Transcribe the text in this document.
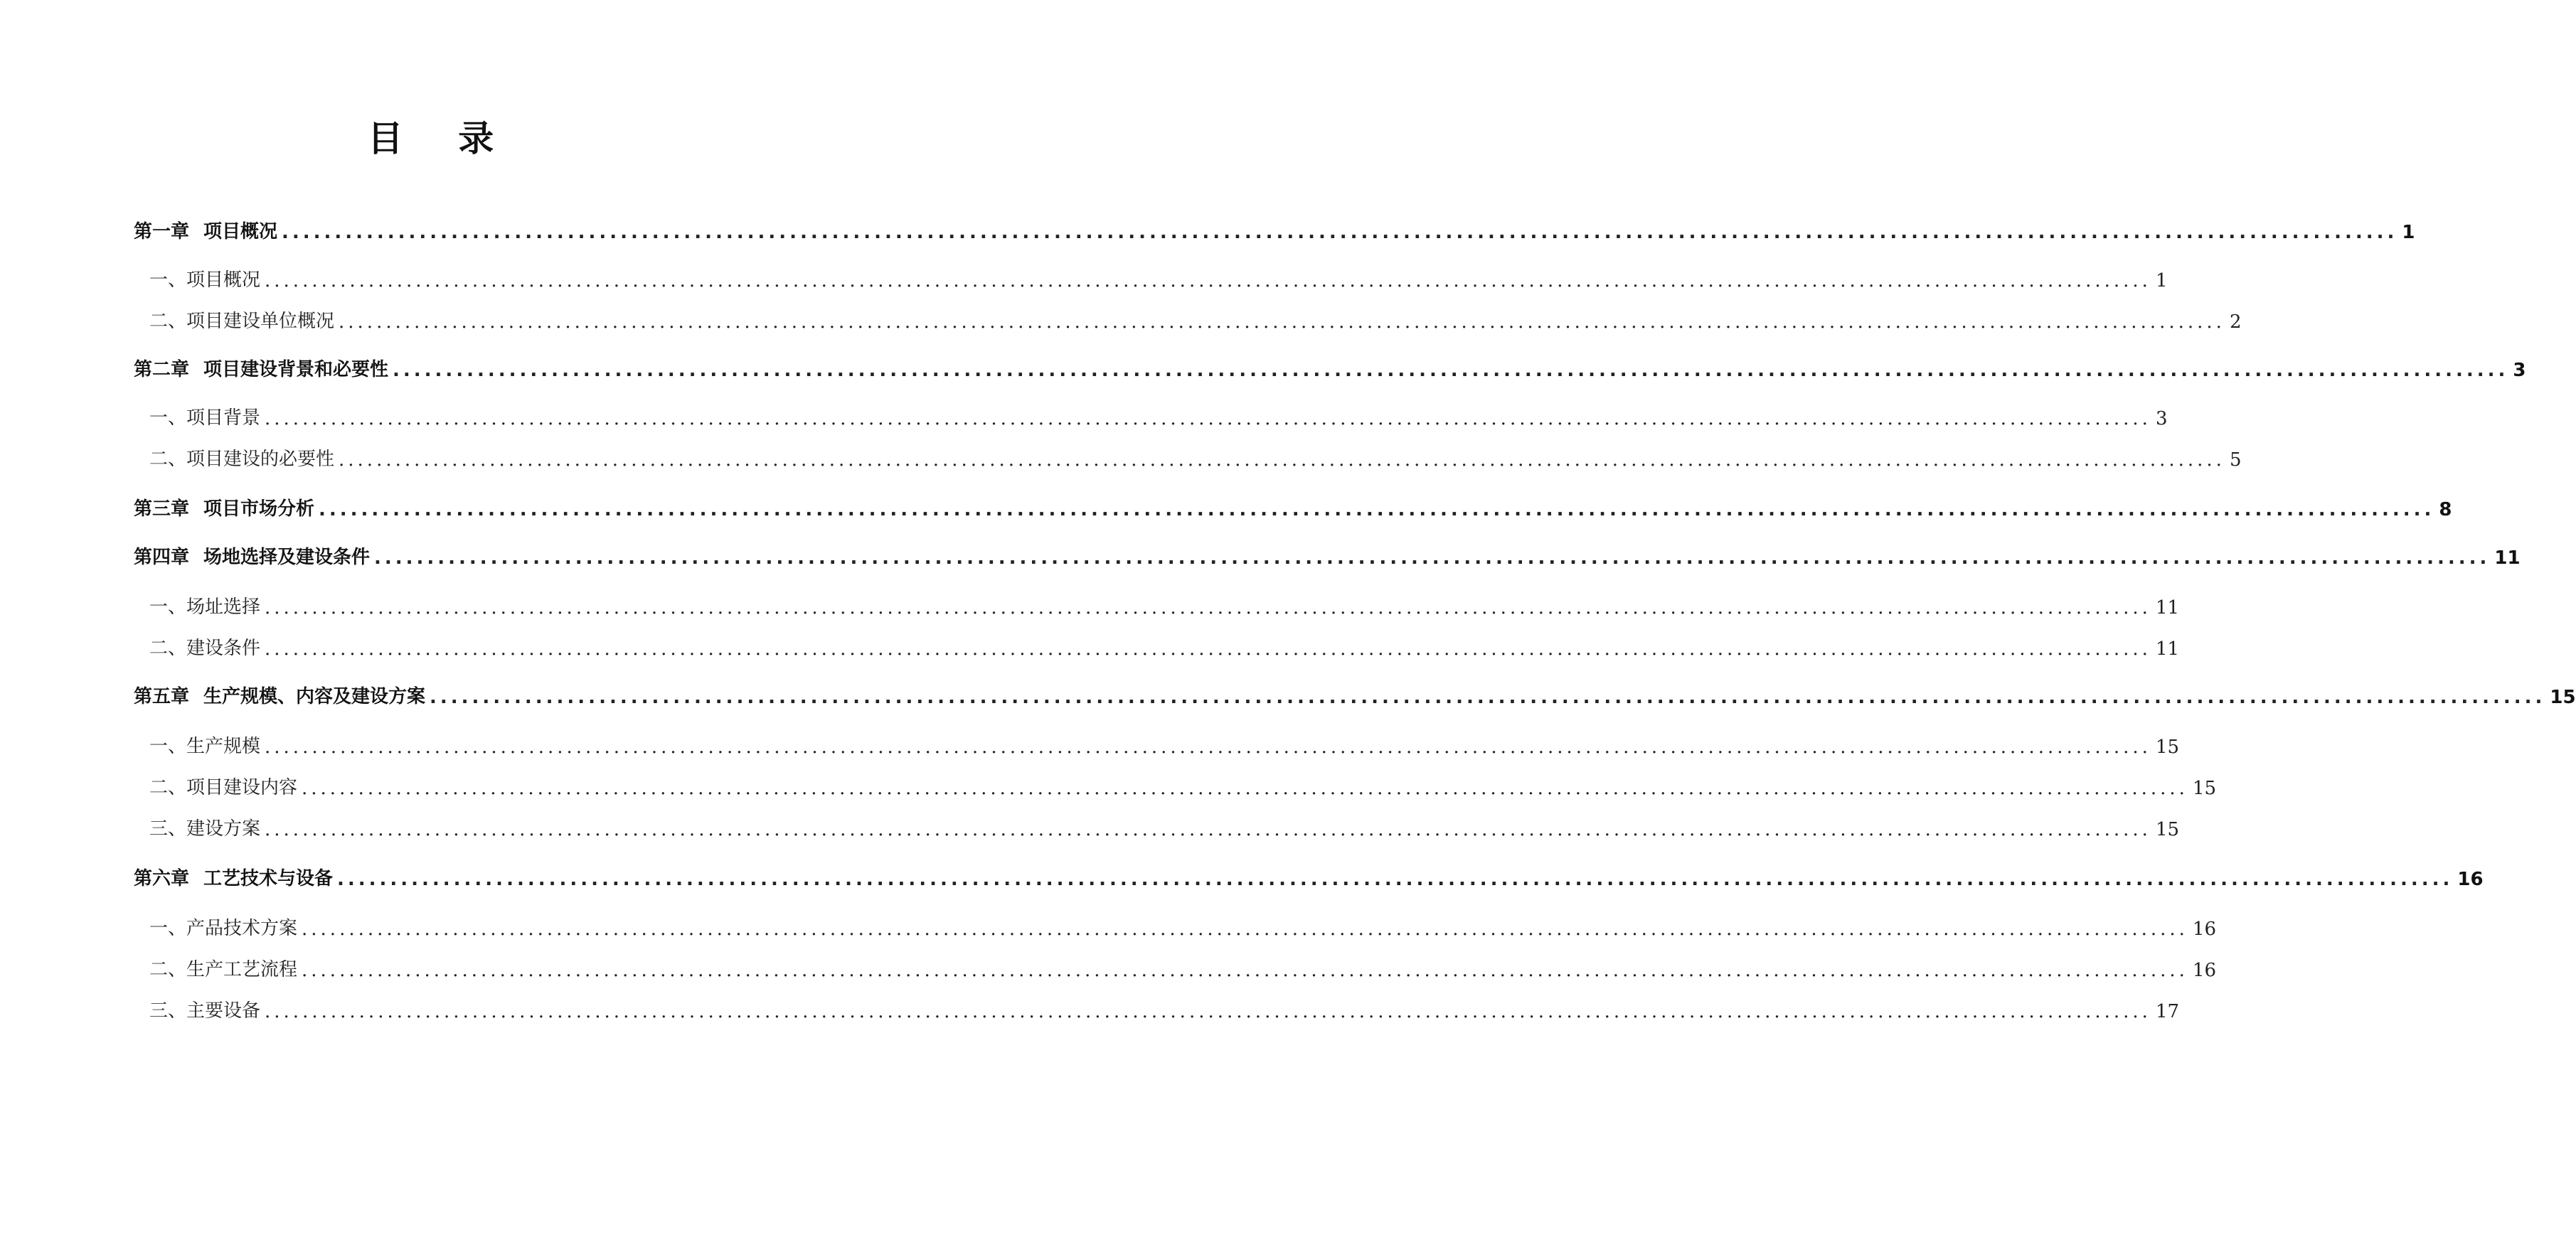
目 录
第一章 项目概况 ........................................................................................................................................................................................................ 1
一、项目概况 ........................................................................................................................................................................................................ 1
二、项目建设单位概况 ........................................................................................................................................................................................................ 2
第二章 项目建设背景和必要性 ........................................................................................................................................................................................................ 3
一、项目背景 ........................................................................................................................................................................................................ 3
二、项目建设的必要性 ........................................................................................................................................................................................................ 5
第三章 项目市场分析 ........................................................................................................................................................................................................ 8
第四章 场地选择及建设条件 ........................................................................................................................................................................................................ 11
一、场址选择 ........................................................................................................................................................................................................ 11
二、建设条件 ........................................................................................................................................................................................................ 11
第五章 生产规模、内容及建设方案 ........................................................................................................................................................................................................ 15
一、生产规模 ........................................................................................................................................................................................................ 15
二、项目建设内容 ........................................................................................................................................................................................................ 15
三、建设方案 ........................................................................................................................................................................................................ 15
第六章 工艺技术与设备 ........................................................................................................................................................................................................ 16
一、产品技术方案 ........................................................................................................................................................................................................ 16
二、生产工艺流程 ........................................................................................................................................................................................................ 16
三、主要设备 ........................................................................................................................................................................................................ 17
